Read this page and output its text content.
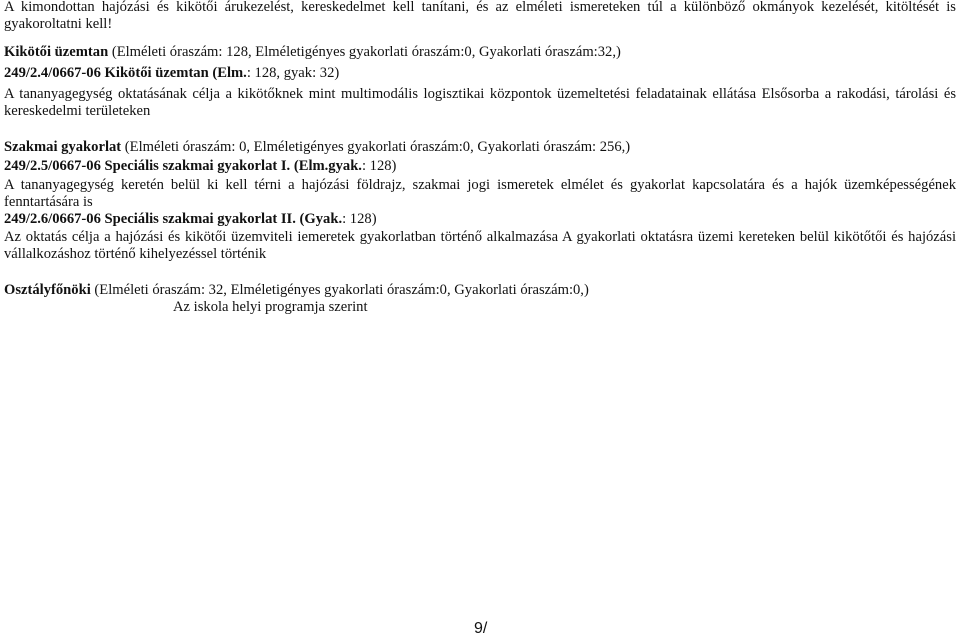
A kimondottan hajózási és kikötői árukezelést, kereskedelmet kell tanítani, és az elméleti ismereteken túl a különböző okmányok kezelését, kitöltését is gyakoroltatni kell!

Kikötői üzemtan (Elméleti óraszám: 128, Elméletigényes gyakorlati óraszám:0, Gyakorlati óraszám:32,)

249/2.4/0667-06 Kikötői üzemtan (Elm.: 128, gyak: 32)

A tananyagegység oktatásának célja a kikötőknek mint multimodális logisztikai központok üzemeltetési feladatainak ellátása Elsősorba a rakodási, tárolási és kereskedelmi területeken

Szakmai gyakorlat (Elméleti óraszám: 0, Elméletigényes gyakorlati óraszám:0, Gyakorlati óraszám: 256,)

249/2.5/0667-06 Speciális szakmai gyakorlat I. (Elm.gyak.: 128)

A tananyagegység keretén belül ki kell térni a hajózási földrajz, szakmai jogi ismeretek elmélet és gyakorlat kapcsolatára és a hajók üzemképességének fenntartására is

249/2.6/0667-06 Speciális szakmai gyakorlat II. (Gyak.: 128)

Az oktatás célja a hajózási és kikötői üzemviteli iemeretek gyakorlatban történő alkalmazása A gyakorlati oktatásra üzemi kereteken belül kikötőtői és hajózási vállalkozáshoz történő kihelyezéssel történik

Osztályfőnöki (Elméleti óraszám: 32, Elméletigényes gyakorlati óraszám:0, Gyakorlati óraszám:0,)

Az iskola helyi programja szerint
9/
